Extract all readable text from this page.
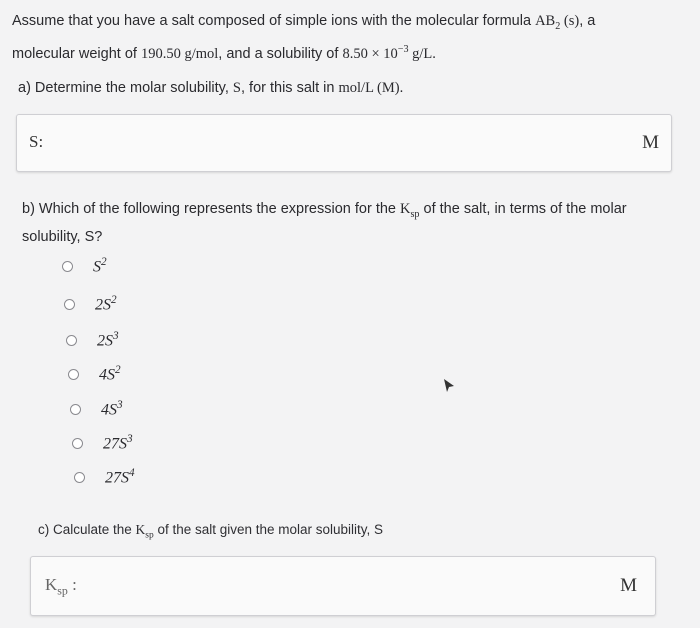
Assume that you have a salt composed of simple ions with the molecular formula $AB_2$ (s), a
molecular weight of 190.50 g/mol, and a solubility of $8.50 \times 10^{-3}$ g/L.
a) Determine the molar solubility, S, for this salt in mol/L (M).
S:	M
b) Which of the following represents the expression for the $K_{sp}$ of the salt, in terms of the molar
solubility, S?
$S^2$
$2S^2$
$2S^3$
$4S^2$
$4S^3$
$27S^3$
$27S^4$
c) Calculate the $K_{sp}$ of the salt given the molar solubility, S
$K_{sp}$ :	M
